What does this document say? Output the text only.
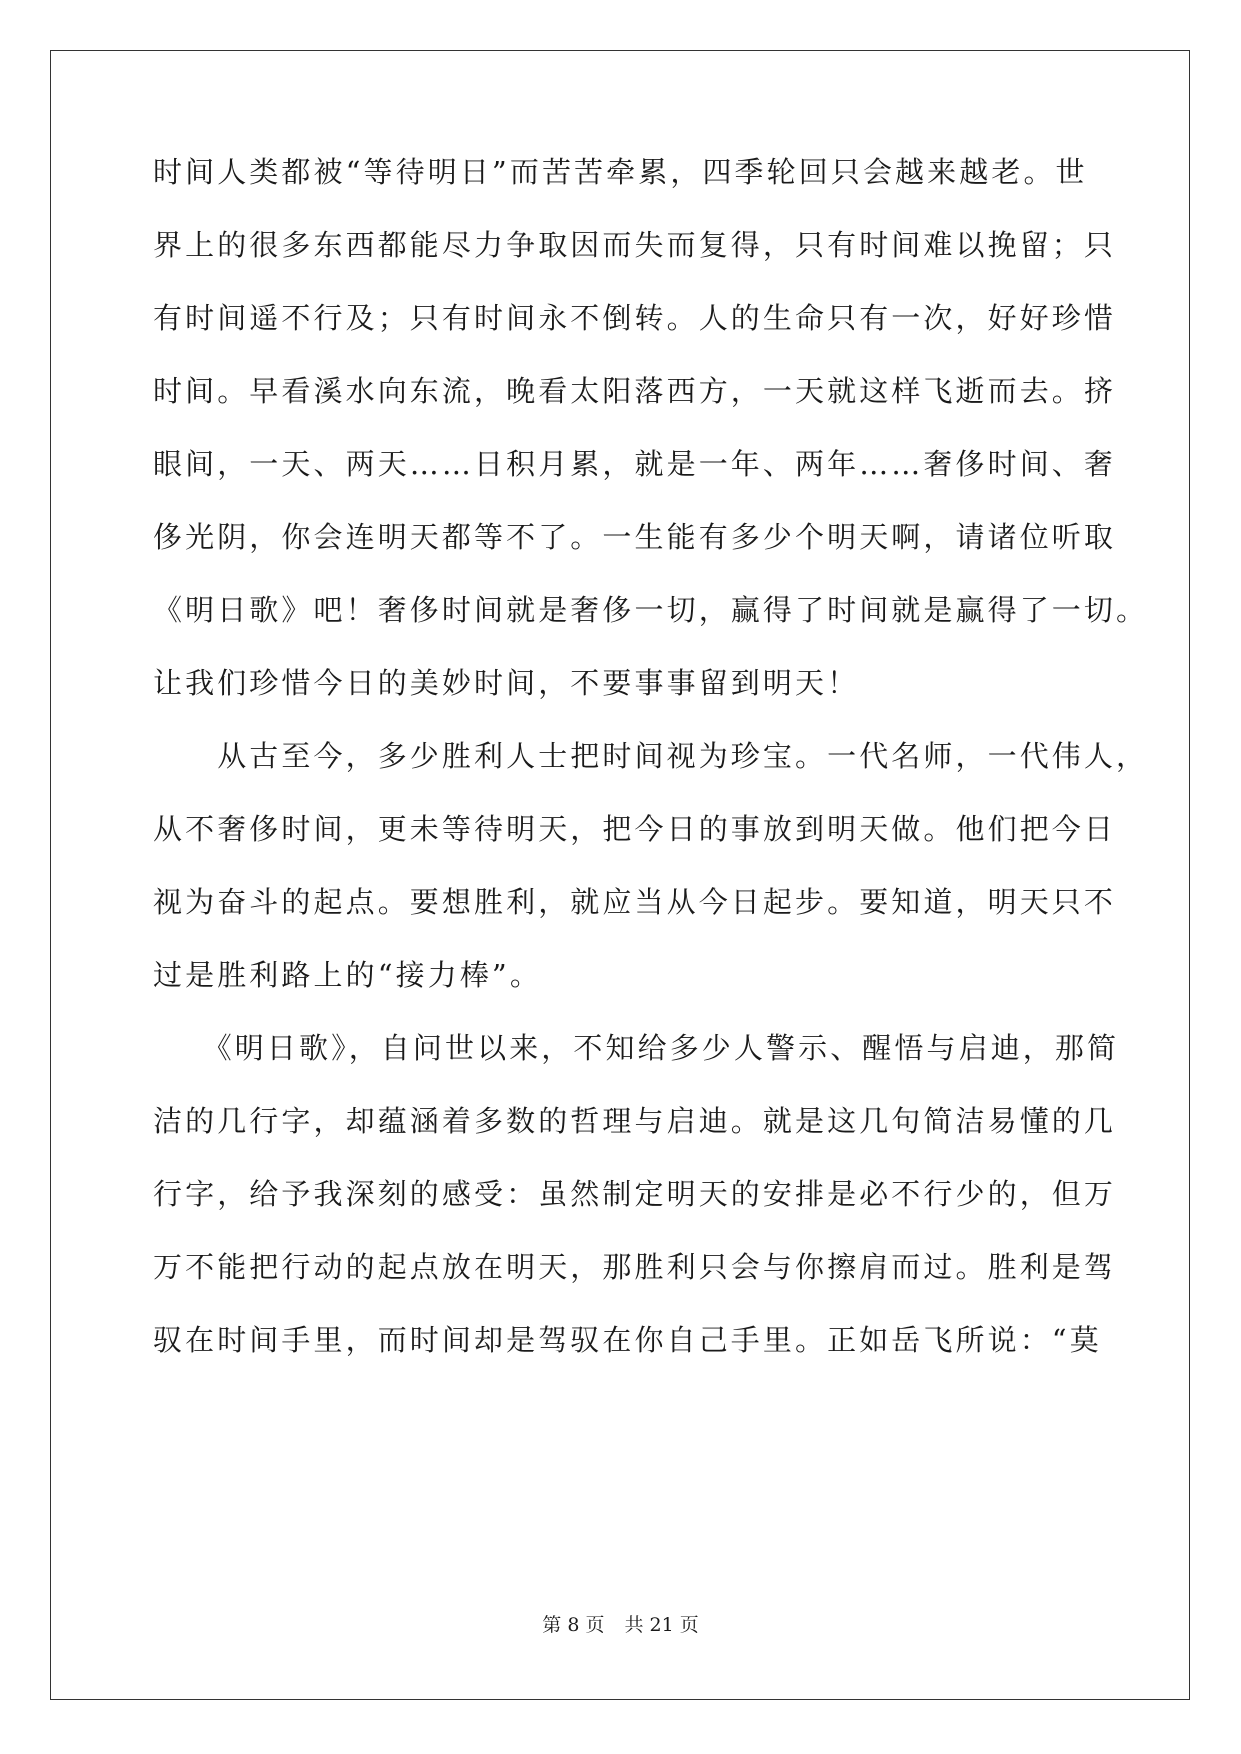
时间人类都被“等待明日”而苦苦牵累，四季轮回只会越来越老。世
界上的很多东西都能尽力争取因而失而复得，只有时间难以挽留；只
有时间遥不行及；只有时间永不倒转。人的生命只有一次，好好珍惜
时间。早看溪水向东流，晚看太阳落西方，一天就这样飞逝而去。挤
眼间，一天、两天……日积月累，就是一年、两年……奢侈时间、奢
侈光阴，你会连明天都等不了。一生能有多少个明天啊，请诸位听取
《明日歌》吧！奢侈时间就是奢侈一切，赢得了时间就是赢得了一切。
让我们珍惜今日的美妙时间，不要事事留到明天！
　　从古至今，多少胜利人士把时间视为珍宝。一代名师，一代伟人，
从不奢侈时间，更未等待明天，把今日的事放到明天做。他们把今日
视为奋斗的起点。要想胜利，就应当从今日起步。要知道，明天只不
过是胜利路上的“接力棒”。
　　《明日歌》，自问世以来，不知给多少人警示、醒悟与启迪，那简
洁的几行字，却蕴涵着多数的哲理与启迪。就是这几句简洁易懂的几
行字，给予我深刻的感受：虽然制定明天的安排是必不行少的，但万
万不能把行动的起点放在明天，那胜利只会与你擦肩而过。胜利是驾
驭在时间手里，而时间却是驾驭在你自己手里。正如岳飞所说：“莫
第 8 页 共 21 页
